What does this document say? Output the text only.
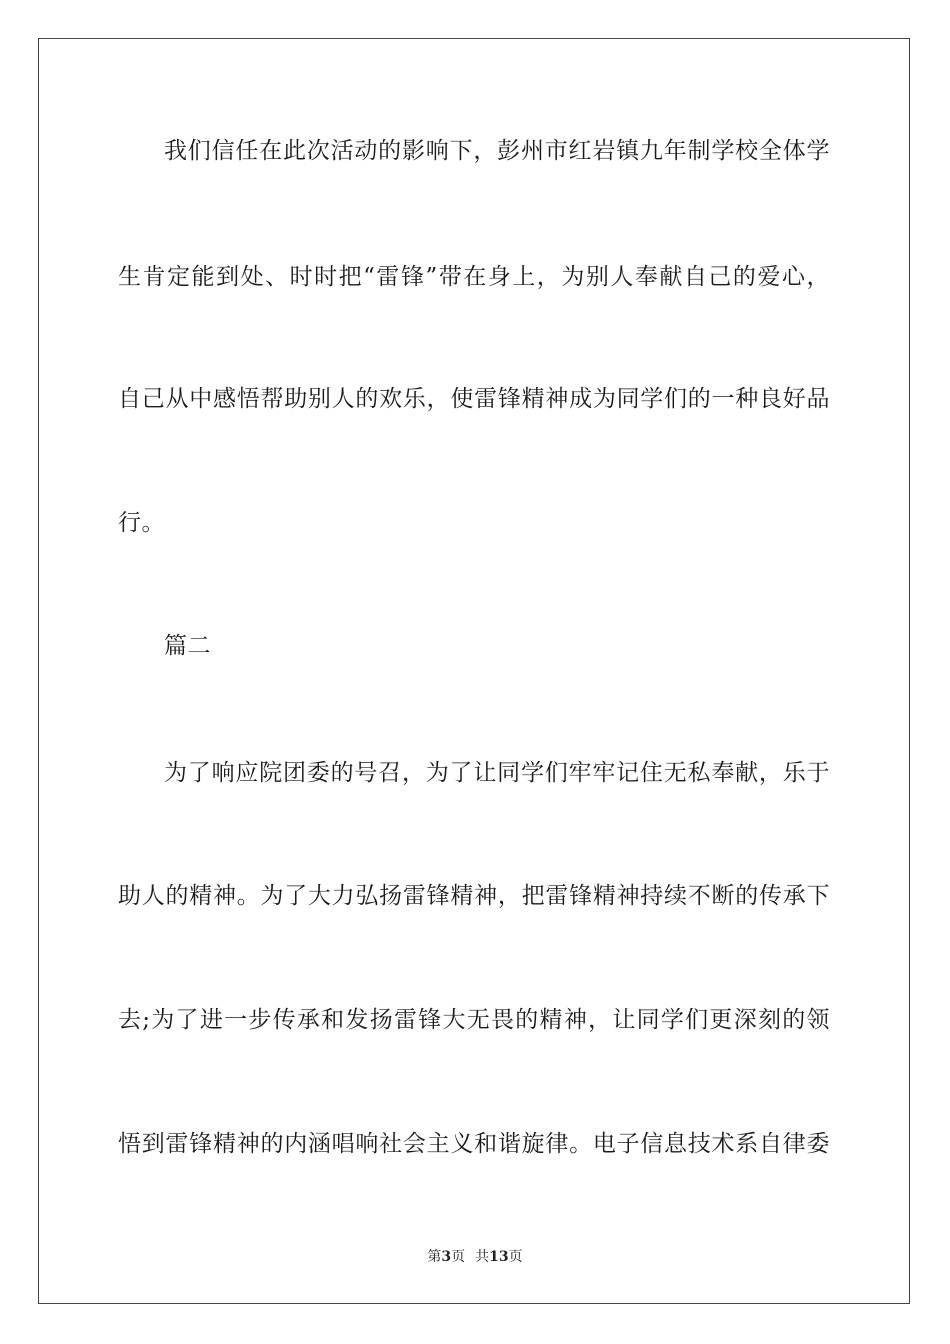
我们信任在此次活动的影响下，彭州市红岩镇九年制学校全体学
生肯定能到处、时时把“雷锋”带在身上，为别人奉献自己的爱心，
自己从中感悟帮助别人的欢乐，使雷锋精神成为同学们的一种良好品
行。
篇二
为了响应院团委的号召，为了让同学们牢牢记住无私奉献，乐于
助人的精神。为了大力弘扬雷锋精神，把雷锋精神持续不断的传承下
去;为了进一步传承和发扬雷锋大无畏的精神，让同学们更深刻的领
悟到雷锋精神的内涵唱响社会主义和谐旋律。电子信息技术系自律委
第3页 共13页
